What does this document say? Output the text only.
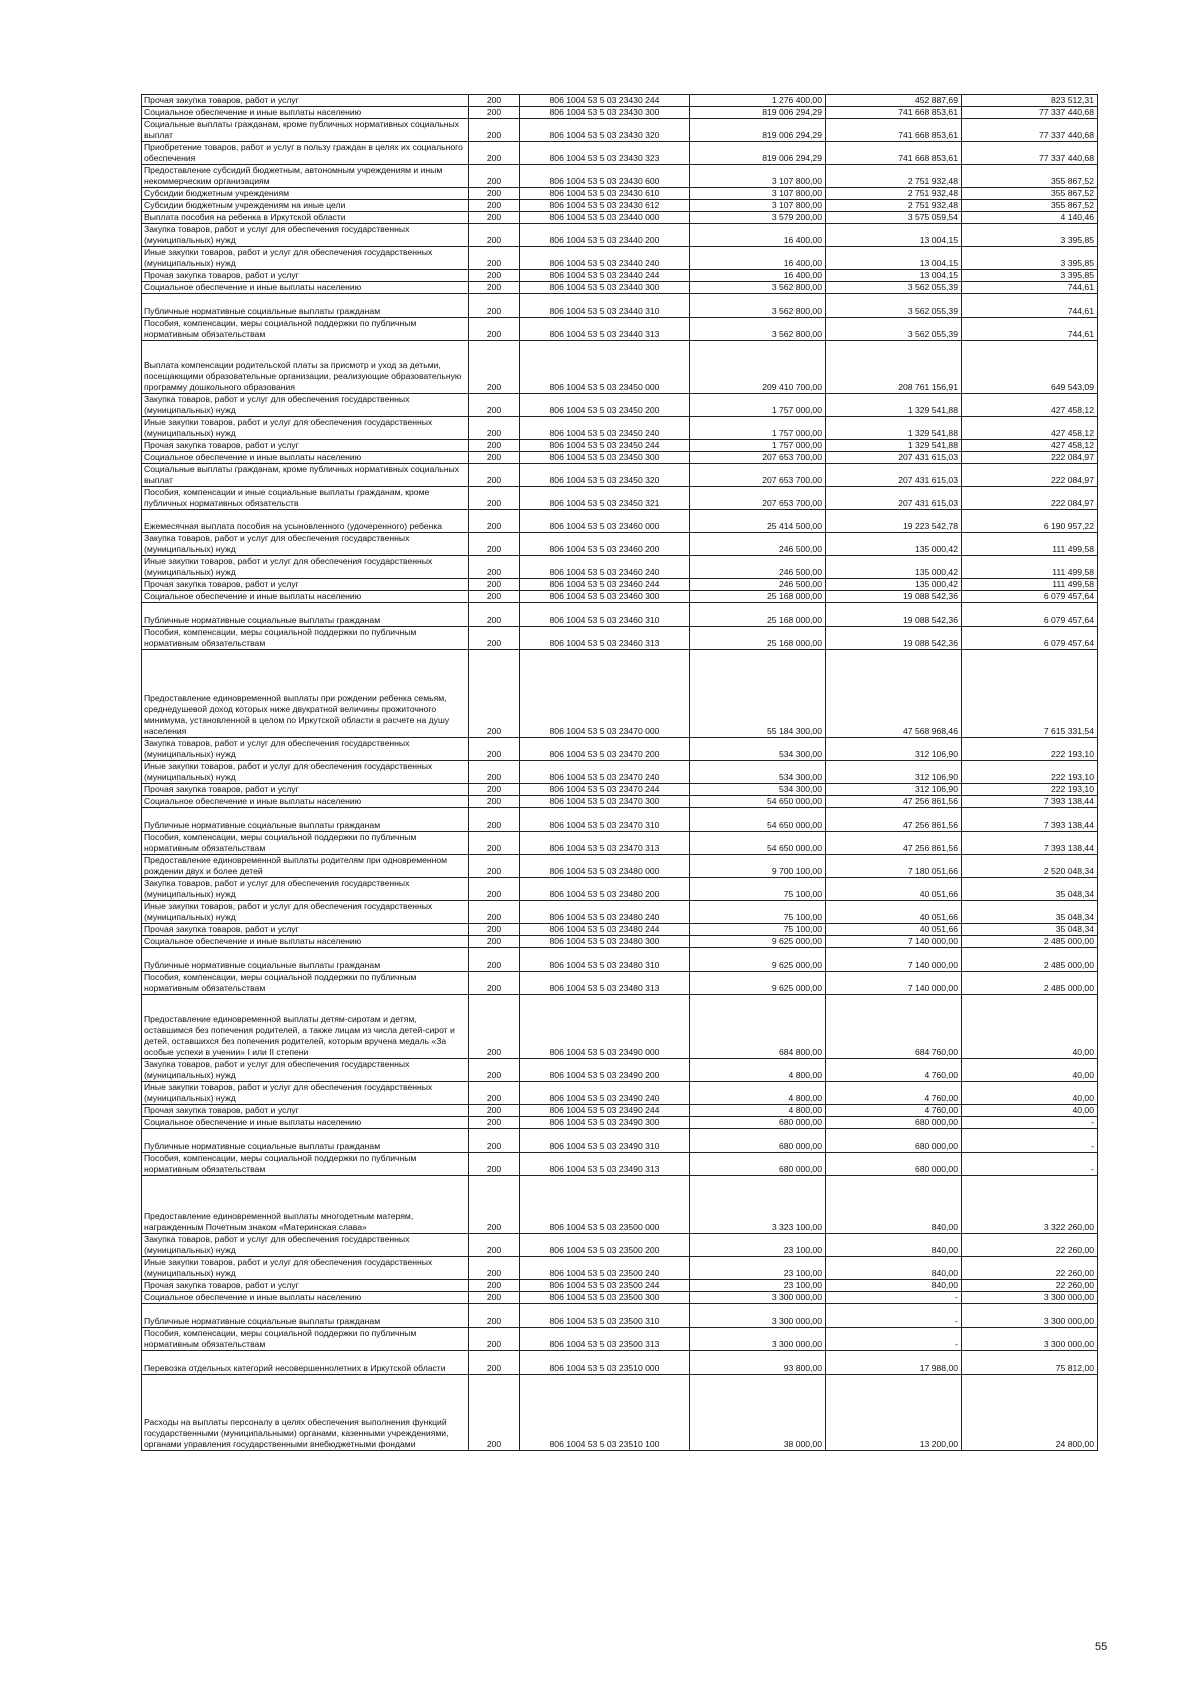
Прочая закупка товаров, работ и услуг	200	806 1004 53 5 03 23430 244	1 276 400,00	452 887,69	823 512,31
Социальное обеспечение и иные выплаты населению	200	806 1004 53 5 03 23430 300	819 006 294,29	741 668 853,61	77 337 440,68
Социальные выплаты гражданам, кроме публичных нормативных социальных выплат	200	806 1004 53 5 03 23430 320	819 006 294,29	741 668 853,61	77 337 440,68
Приобретение товаров, работ и услуг в пользу граждан в целях их социального обеспечения	200	806 1004 53 5 03 23430 323	819 006 294,29	741 668 853,61	77 337 440,68
Предоставление субсидий бюджетным, автономным учреждениям и иным некоммерческим организациям	200	806 1004 53 5 03 23430 600	3 107 800,00	2 751 932,48	355 867,52
Субсидии бюджетным учреждениям	200	806 1004 53 5 03 23430 610	3 107 800,00	2 751 932,48	355 867,52
Субсидии бюджетным учреждениям на иные цели	200	806 1004 53 5 03 23430 612	3 107 800,00	2 751 932,48	355 867,52
Выплата пособия на ребенка в Иркутской области	200	806 1004 53 5 03 23440 000	3 579 200,00	3 575 059,54	4 140,46
Закупка товаров, работ и услуг для обеспечения государственных (муниципальных) нужд	200	806 1004 53 5 03 23440 200	16 400,00	13 004,15	3 395,85
Иные закупки товаров, работ и услуг для обеспечения государственных (муниципальных) нужд	200	806 1004 53 5 03 23440 240	16 400,00	13 004,15	3 395,85
Прочая закупка товаров, работ и услуг	200	806 1004 53 5 03 23440 244	16 400,00	13 004,15	3 395,85
Социальное обеспечение и иные выплаты населению	200	806 1004 53 5 03 23440 300	3 562 800,00	3 562 055,39	744,61
Публичные нормативные социальные выплаты гражданам	200	806 1004 53 5 03 23440 310	3 562 800,00	3 562 055,39	744,61
Пособия, компенсации, меры социальной поддержки по публичным нормативным обязательствам	200	806 1004 53 5 03 23440 313	3 562 800,00	3 562 055,39	744,61
Выплата компенсации родительской платы за присмотр и уход за детьми, посещающими образовательные организации, реализующие образовательную программу дошкольного образования	200	806 1004 53 5 03 23450 000	209 410 700,00	208 761 156,91	649 543,09
Закупка товаров, работ и услуг для обеспечения государственных (муниципальных) нужд	200	806 1004 53 5 03 23450 200	1 757 000,00	1 329 541,88	427 458,12
Иные закупки товаров, работ и услуг для обеспечения государственных (муниципальных) нужд	200	806 1004 53 5 03 23450 240	1 757 000,00	1 329 541,88	427 458,12
Прочая закупка товаров, работ и услуг	200	806 1004 53 5 03 23450 244	1 757 000,00	1 329 541,88	427 458,12
Социальное обеспечение и иные выплаты населению	200	806 1004 53 5 03 23450 300	207 653 700,00	207 431 615,03	222 084,97
Социальные выплаты гражданам, кроме публичных нормативных социальных выплат	200	806 1004 53 5 03 23450 320	207 653 700,00	207 431 615,03	222 084,97
Пособия, компенсации и иные социальные выплаты гражданам, кроме публичных нормативных обязательств	200	806 1004 53 5 03 23450 321	207 653 700,00	207 431 615,03	222 084,97
Ежемесячная выплата пособия на усыновленного (удочеренного) ребенка	200	806 1004 53 5 03 23460 000	25 414 500,00	19 223 542,78	6 190 957,22
Закупка товаров, работ и услуг для обеспечения государственных (муниципальных) нужд	200	806 1004 53 5 03 23460 200	246 500,00	135 000,42	111 499,58
Иные закупки товаров, работ и услуг для обеспечения государственных (муниципальных) нужд	200	806 1004 53 5 03 23460 240	246 500,00	135 000,42	111 499,58
Прочая закупка товаров, работ и услуг	200	806 1004 53 5 03 23460 244	246 500,00	135 000,42	111 499,58
Социальное обеспечение и иные выплаты населению	200	806 1004 53 5 03 23460 300	25 168 000,00	19 088 542,36	6 079 457,64
Публичные нормативные социальные выплаты гражданам	200	806 1004 53 5 03 23460 310	25 168 000,00	19 088 542,36	6 079 457,64
Пособия, компенсации, меры социальной поддержки по публичным нормативным обязательствам	200	806 1004 53 5 03 23460 313	25 168 000,00	19 088 542,36	6 079 457,64
Предоставление единовременной выплаты при рождении ребенка семьям, среднедушевой доход которых ниже двукратной величины прожиточного минимума, установленной в целом по Иркутской области в расчете на душу населения	200	806 1004 53 5 03 23470 000	55 184 300,00	47 568 968,46	7 615 331,54
Закупка товаров, работ и услуг для обеспечения государственных (муниципальных) нужд	200	806 1004 53 5 03 23470 200	534 300,00	312 106,90	222 193,10
Иные закупки товаров, работ и услуг для обеспечения государственных (муниципальных) нужд	200	806 1004 53 5 03 23470 240	534 300,00	312 106,90	222 193,10
Прочая закупка товаров, работ и услуг	200	806 1004 53 5 03 23470 244	534 300,00	312 106,90	222 193,10
Социальное обеспечение и иные выплаты населению	200	806 1004 53 5 03 23470 300	54 650 000,00	47 256 861,56	7 393 138,44
Публичные нормативные социальные выплаты гражданам	200	806 1004 53 5 03 23470 310	54 650 000,00	47 256 861,56	7 393 138,44
Пособия, компенсации, меры социальной поддержки по публичным нормативным обязательствам	200	806 1004 53 5 03 23470 313	54 650 000,00	47 256 861,56	7 393 138,44
Предоставление единовременной выплаты родителям при одновременном рождении двух и более детей	200	806 1004 53 5 03 23480 000	9 700 100,00	7 180 051,66	2 520 048,34
Закупка товаров, работ и услуг для обеспечения государственных (муниципальных) нужд	200	806 1004 53 5 03 23480 200	75 100,00	40 051,66	35 048,34
Иные закупки товаров, работ и услуг для обеспечения государственных (муниципальных) нужд	200	806 1004 53 5 03 23480 240	75 100,00	40 051,66	35 048,34
Прочая закупка товаров, работ и услуг	200	806 1004 53 5 03 23480 244	75 100,00	40 051,66	35 048,34
Социальное обеспечение и иные выплаты населению	200	806 1004 53 5 03 23480 300	9 625 000,00	7 140 000,00	2 485 000,00
Публичные нормативные социальные выплаты гражданам	200	806 1004 53 5 03 23480 310	9 625 000,00	7 140 000,00	2 485 000,00
Пособия, компенсации, меры социальной поддержки по публичным нормативным обязательствам	200	806 1004 53 5 03 23480 313	9 625 000,00	7 140 000,00	2 485 000,00
Предоставление единовременной выплаты детям-сиротам и детям, оставшимся без попечения родителей, а также лицам из числа детей-сирот и детей, оставшихся без попечения родителей, которым вручена медаль «За особые успехи в учении» I или II степени	200	806 1004 53 5 03 23490 000	684 800,00	684 760,00	40,00
Закупка товаров, работ и услуг для обеспечения государственных (муниципальных) нужд	200	806 1004 53 5 03 23490 200	4 800,00	4 760,00	40,00
Иные закупки товаров, работ и услуг для обеспечения государственных (муниципальных) нужд	200	806 1004 53 5 03 23490 240	4 800,00	4 760,00	40,00
Прочая закупка товаров, работ и услуг	200	806 1004 53 5 03 23490 244	4 800,00	4 760,00	40,00
Социальное обеспечение и иные выплаты населению	200	806 1004 53 5 03 23490 300	680 000,00	680 000,00	-
Публичные нормативные социальные выплаты гражданам	200	806 1004 53 5 03 23490 310	680 000,00	680 000,00	-
Пособия, компенсации, меры социальной поддержки по публичным нормативным обязательствам	200	806 1004 53 5 03 23490 313	680 000,00	680 000,00	-
Предоставление единовременной выплаты многодетным матерям, награжденным Почетным знаком «Материнская слава»	200	806 1004 53 5 03 23500 000	3 323 100,00	840,00	3 322 260,00
Закупка товаров, работ и услуг для обеспечения государственных (муниципальных) нужд	200	806 1004 53 5 03 23500 200	23 100,00	840,00	22 260,00
Иные закупки товаров, работ и услуг для обеспечения государственных (муниципальных) нужд	200	806 1004 53 5 03 23500 240	23 100,00	840,00	22 260,00
Прочая закупка товаров, работ и услуг	200	806 1004 53 5 03 23500 244	23 100,00	840,00	22 260,00
Социальное обеспечение и иные выплаты населению	200	806 1004 53 5 03 23500 300	3 300 000,00	-	3 300 000,00
Публичные нормативные социальные выплаты гражданам	200	806 1004 53 5 03 23500 310	3 300 000,00	-	3 300 000,00
Пособия, компенсации, меры социальной поддержки по публичным нормативным обязательствам	200	806 1004 53 5 03 23500 313	3 300 000,00	-	3 300 000,00
Перевозка отдельных категорий несовершеннолетних в Иркутской области	200	806 1004 53 5 03 23510 000	93 800,00	17 988,00	75 812,00
Расходы на выплаты персоналу в целях обеспечения выполнения функций государственными (муниципальными) органами, казенными учреждениями, органами управления государственными внебюджетными фондами	200	806 1004 53 5 03 23510 100	38 000,00	13 200,00	24 800,00
55
